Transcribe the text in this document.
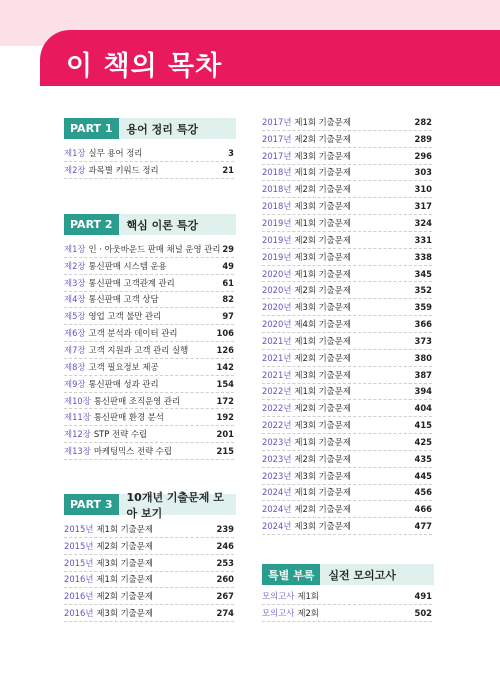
이 책의 목차
PART 1	용어 정리 특강
제1장 실무 용어 정리	3
제2장 과목별 키워드 정리	21
PART 2	핵심 이론 특강
제1장 인 · 아웃바운드 판매 채널 운영 관리 29
제2장 통신판매 시스템 운용	49
제3장 통신판매 고객관계 관리	61
제4장 통신판매 고객 상담	82
제5장 영업 고객 불만 관리	97
제6장 고객 분석과 데이터 관리	106
제7장 고객 지원과 고객 관리 실행	126
제8장 고객 필요정보 제공	142
제9장 통신판매 성과 관리	154
제10장 통신판매 조직운영 관리	172
제11장 통신판매 환경 분석	192
제12장 STP 전략 수립	201
제13장 마케팅믹스 전략 수립	215
PART 3
10개년 기출문제 모아 보기
2015년 제1회 기출문제	239
2015년 제2회 기출문제	246
2015년 제3회 기출문제	253
2016년 제1회 기출문제	260
2016년 제2회 기출문제	267
2016년 제3회 기출문제	274
2017년 제1회 기출문제	282
2017년 제2회 기출문제	289
2017년 제3회 기출문제	296
2018년 제1회 기출문제	303
2018년 제2회 기출문제	310
2018년 제3회 기출문제	317
2019년 제1회 기출문제	324
2019년 제2회 기출문제	331
2019년 제3회 기출문제	338
2020년 제1회 기출문제	345
2020년 제2회 기출문제	352
2020년 제3회 기출문제	359
2020년 제4회 기출문제	366
2021년 제1회 기출문제	373
2021년 제2회 기출문제	380
2021년 제3회 기출문제	387
2022년 제1회 기출문제	394
2022년 제2회 기출문제	404
2022년 제3회 기출문제	415
2023년 제1회 기출문제	425
2023년 제2회 기출문제	435
2023년 제3회 기출문제	445
2024년 제1회 기출문제	456
2024년 제2회 기출문제	466
2024년 제3회 기출문제	477
특별 부록	실전 모의고사
모의고사 제1회	491
모의고사 제2회	502
